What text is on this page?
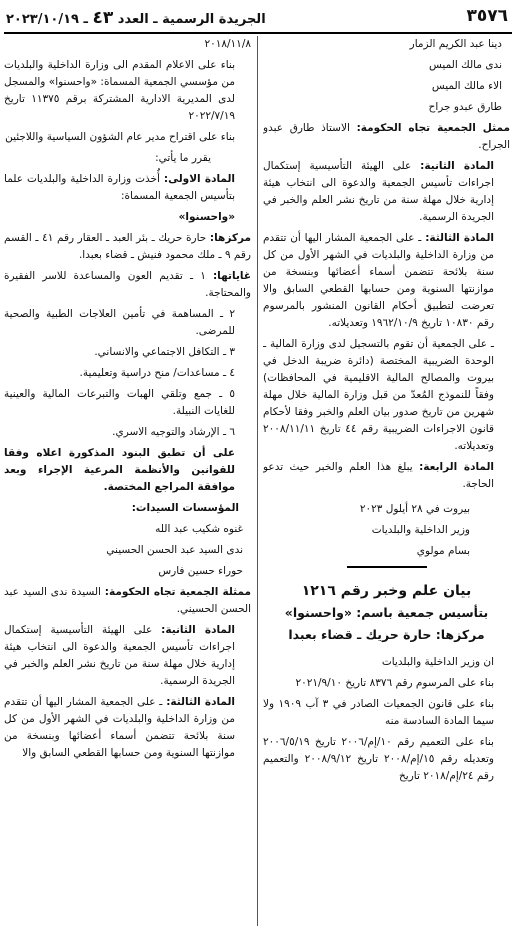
الجريدة الرسمية ـ العدد ٤٣ ـ ٢٠٢٣/١٠/١٩	٣٥٧٦

دينا عبد الكريم الزمار

ندى مالك الميس

الاء مالك الميس

طارق عبدو جراح

ممثل الجمعية تجاه الحكومة: الاستاذ طارق عبدو الجراح.

المادة الثانية: على الهيئة التأسيسية إستكمال اجراءات تأسيس الجمعية والدعوة الى انتخاب هيئة إدارية خلال مهلة سنة من تاريخ نشر العلم والخبر في الجريدة الرسمية.

المادة الثالثة: ـ على الجمعية المشار اليها أن تتقدم من وزارة الداخلية والبلديات في الشهر الأول من كل سنة بلائحة تتضمن أسماء أعضائها وبنسخة من موازنتها السنوية ومن حسابها القطعي السابق والا تعرضت لتطبيق أحكام القانون المنشور بالمرسوم رقم ١٠٨٣٠ تاريخ ١٩٦٢/١٠/٩ وتعديلاته.

ـ على الجمعية أن تقوم بالتسجيل لدى وزارة المالية ـ الوحدة الضريبية المختصة (دائرة ضريبة الدخل في بيروت والمصالح المالية الاقليمية في المحافظات) وفقاً للنموذج المُعدّ من قبل وزارة المالية خلال مهلة شهرين من تاريخ صدور بيان العلم والخبر وفقا لأحكام قانون الاجراءات الضريبية رقم ٤٤ تاريخ ٢٠٠٨/١١/١١ وتعديلاته.

المادة الرابعة: يبلغ هذا العلم والخبر حيث تدعو الحاجة.

بيروت في ٢٨ أيلول ٢٠٢٣

وزير الداخلية والبلديات

بسام مولوي

بيان علم وخبر رقم ١٢١٦
بتأسيس جمعية باسم: «واحسنوا»
مركزها: حارة حريك ـ قضاء بعبدا

ان وزير الداخلية والبلديات

بناء على المرسوم رقم ٨٣٧٦ تاريخ ٢٠٢١/٩/١٠

بناء على قانون الجمعيات الصادر في ٣ آب ١٩٠٩ ولا سيما المادة السادسة منه

بناء على التعميم رقم ١٠/إم/٢٠٠٦ تاريخ ٢٠٠٦/٥/١٩ وتعديله رقم ١٥/إم/٢٠٠٨ تاريخ ٢٠٠٨/٩/١٢ والتعميم رقم ٢٤/إم/٢٠١٨ تاريخ

٢٠١٨/١١/٨

بناء على الاعلام المقدم الى وزارة الداخلية والبلديات من مؤسسي الجمعية المسماة: «واحسنوا» والمسجل لدى المديرية الادارية المشتركة برقم ١١٣٧٥ تاريخ ٢٠٢٢/٧/١٩

بناء على اقتراح مدير عام الشؤون السياسية واللاجئين

يقرر ما يأتي:

المادة الاولى: أُخذت وزارة الداخلية والبلديات علما بتأسيس الجمعية المسماة:

«واحسنوا»

مركزها: حارة حريك ـ بئر العبد ـ العقار رقم ٤١ ـ القسم رقم ٩ ـ ملك محمود فنيش ـ قضاء بعبدا.

غاياتها: ١ ـ تقديم العون والمساعدة للاسر الفقيرة والمحتاجة.

٢ ـ المساهمة في تأمين العلاجات الطبية والصحية للمرضى.

٣ ـ التكافل الاجتماعي والانساني.

٤ ـ مساعدات/ منح دراسية وتعليمية.

٥ ـ جمع وتلقي الهبات والتبرعات المالية والعينية للغايات النبيلة.

٦ ـ الإرشاد والتوجيه الاسري.

على أن تطبق البنود المذكورة اعلاه وفقا للقوانين والأنظمة المرعية الإجراء وبعد موافقة المراجع المختصة.

المؤسسات السيدات:

غنوه شكيب عبد الله

ندى السيد عبد الحسن الحسيني

حوراء حسين فارس

ممثلة الجمعية تجاه الحكومة: السيدة ندى السيد عبد الحسن الحسيني.

المادة الثانية: على الهيئة التأسيسية إستكمال اجراءات تأسيس الجمعية والدعوة الى انتخاب هيئة إدارية خلال مهلة سنة من تاريخ نشر العلم والخبر في الجريدة الرسمية.

المادة الثالثة: ـ على الجمعية المشار اليها أن تتقدم من وزارة الداخلية والبلديات في الشهر الأول من كل سنة بلائحة تتضمن أسماء أعضائها وبنسخة من موازنتها السنوية ومن حسابها القطعي السابق والا
